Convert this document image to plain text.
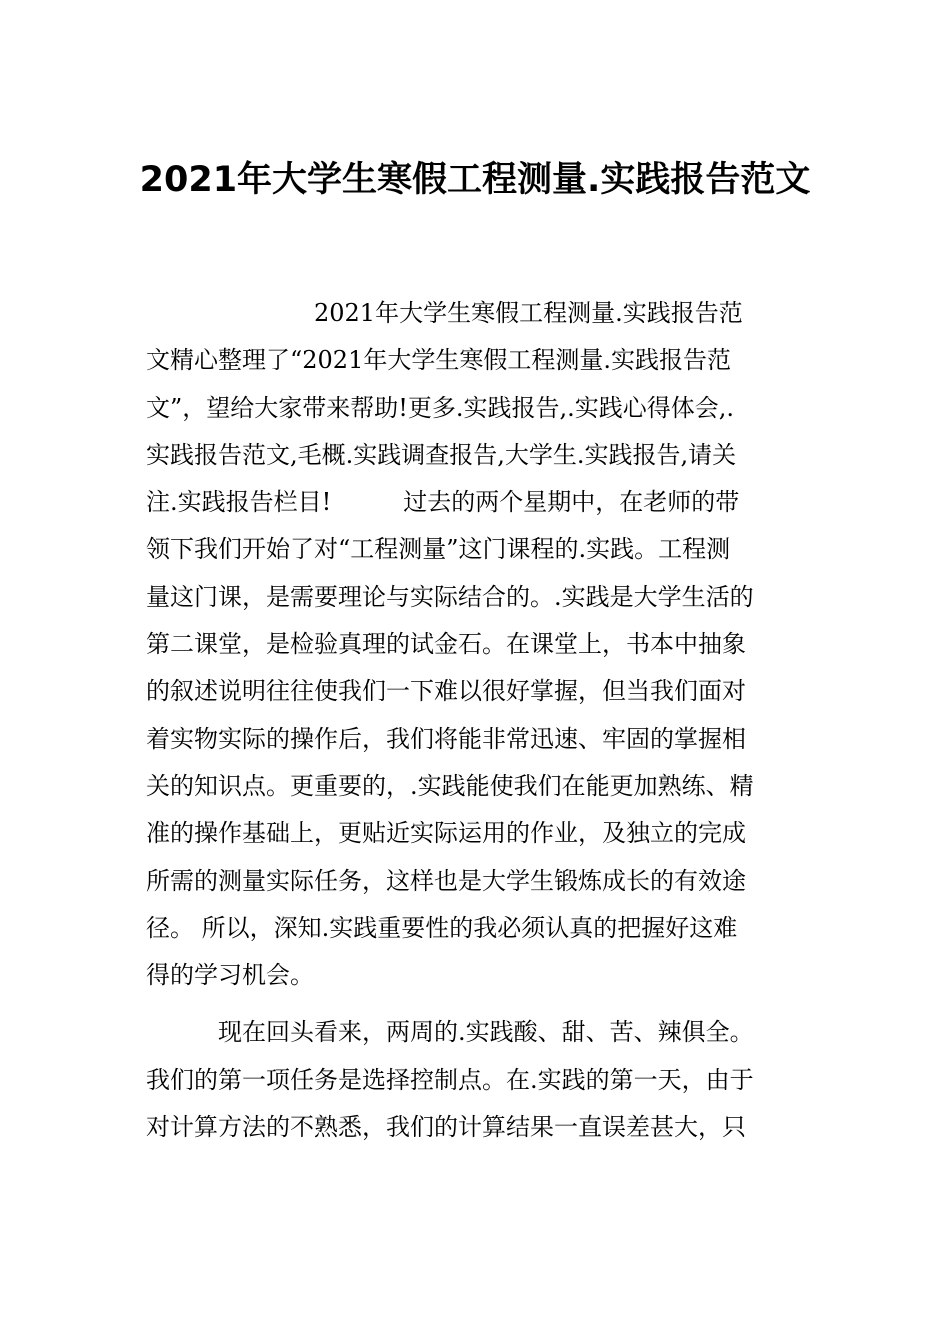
2021年大学生寒假工程测量.实践报告范文
　　　　　　　2021年大学生寒假工程测量.实践报告范
文精心整理了“2021年大学生寒假工程测量.实践报告范
文”，望给大家带来帮助!更多.实践报告,.实践心得体会,.
实践报告范文,毛概.实践调查报告,大学生.实践报告,请关
注.实践报告栏目!　　　过去的两个星期中，在老师的带
领下我们开始了对“工程测量”这门课程的.实践。工程测
量这门课，是需要理论与实际结合的。.实践是大学生活的
第二课堂，是检验真理的试金石。在课堂上，书本中抽象
的叙述说明往往使我们一下难以很好掌握，但当我们面对
着实物实际的操作后，我们将能非常迅速、牢固的掌握相
关的知识点。更重要的，.实践能使我们在能更加熟练、精
准的操作基础上，更贴近实际运用的作业，及独立的完成
所需的测量实际任务，这样也是大学生锻炼成长的有效途
径。 所以，深知.实践重要性的我必须认真的把握好这难
得的学习机会。
　　　现在回头看来，两周的.实践酸、甜、苦、辣俱全。
我们的第一项任务是选择控制点。在.实践的第一天，由于
对计算方法的不熟悉，我们的计算结果一直误差甚大，只
